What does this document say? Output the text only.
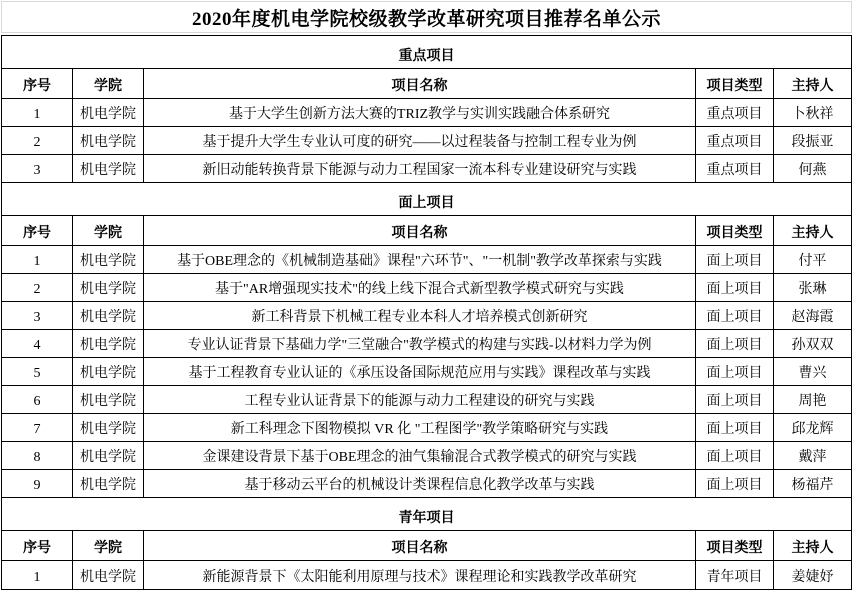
2020年度机电学院校级教学改革研究项目推荐名单公示
重点项目
序号	学院	项目名称	项目类型	主持人
1	机电学院	基于大学生创新方法大赛的TRIZ教学与实训实践融合体系研究	重点项目	卜秋祥
2	机电学院	基于提升大学生专业认可度的研究——以过程装备与控制工程专业为例	重点项目	段振亚
3	机电学院	新旧动能转换背景下能源与动力工程国家一流本科专业建设研究与实践	重点项目	何燕
面上项目
序号	学院	项目名称	项目类型	主持人
1	机电学院	基于OBE理念的《机械制造基础》课程"六环节"、"一机制"教学改革探索与实践	面上项目	付平
2	机电学院	基于"AR增强现实技术"的线上线下混合式新型教学模式研究与实践	面上项目	张琳
3	机电学院	新工科背景下机械工程专业本科人才培养模式创新研究	面上项目	赵海霞
4	机电学院	专业认证背景下基础力学"三堂融合"教学模式的构建与实践-以材料力学为例	面上项目	孙双双
5	机电学院	基于工程教育专业认证的《承压设备国际规范应用与实践》课程改革与实践	面上项目	曹兴
6	机电学院	工程专业认证背景下的能源与动力工程建设的研究与实践	面上项目	周艳
7	机电学院	新工科理念下图物模拟 VR 化 "工程图学"教学策略研究与实践	面上项目	邱龙辉
8	机电学院	金课建设背景下基于OBE理念的油气集输混合式教学模式的研究与实践	面上项目	戴萍
9	机电学院	基于移动云平台的机械设计类课程信息化教学改革与实践	面上项目	杨福芹
青年项目
序号	学院	项目名称	项目类型	主持人
1	机电学院	新能源背景下《太阳能利用原理与技术》课程理论和实践教学改革研究	青年项目	姜婕妤
